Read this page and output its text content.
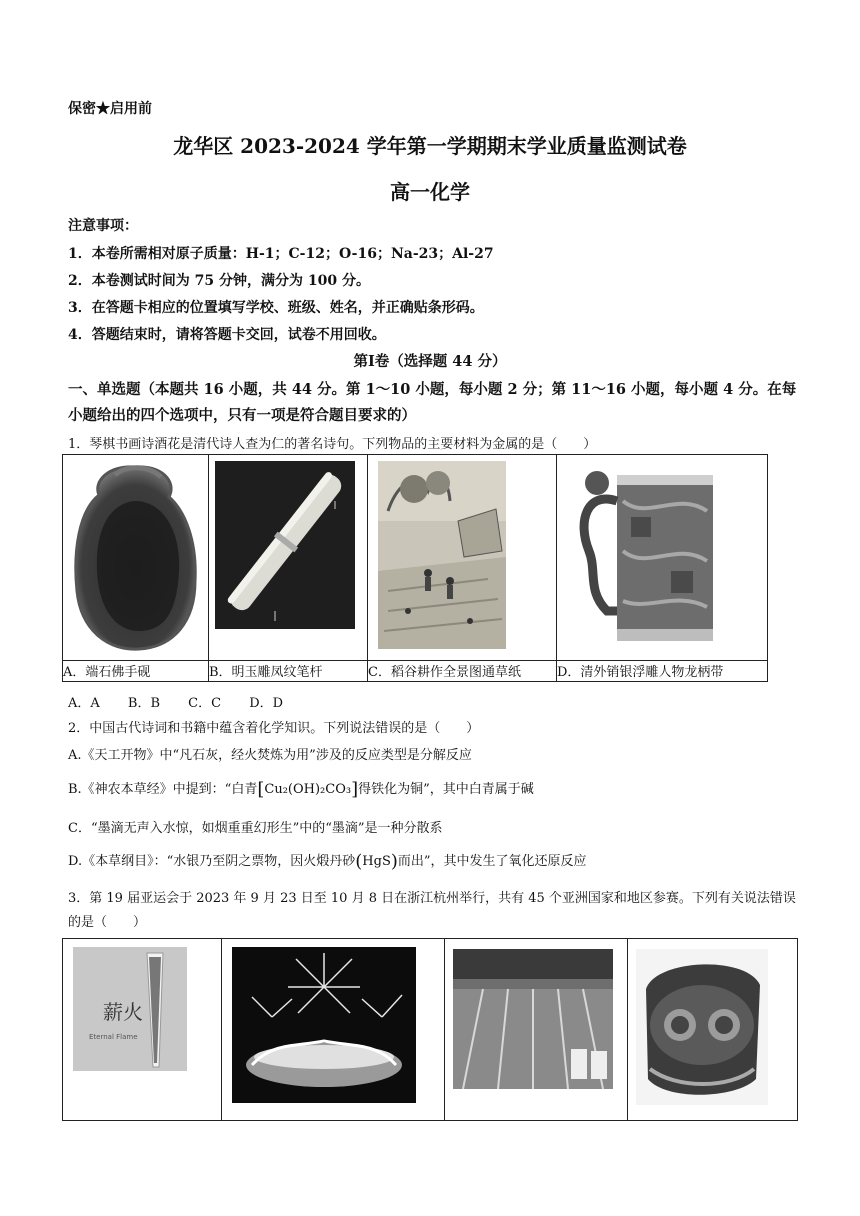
保密★启用前
龙华区 2023-2024 学年第一学期期末学业质量监测试卷
高一化学
注意事项：
1．本卷所需相对原子质量：H-1；C-12；O-16；Na-23；Al-27
2．本卷测试时间为 75 分钟，满分为 100 分。
3．在答题卡相应的位置填写学校、班级、姓名，并正确贴条形码。
4．答题结束时，请将答题卡交回，试卷不用回收。
第Ⅰ卷（选择题 44 分）
一、单选题（本题共 16 小题，共 44 分。第 1～10 小题，每小题 2 分；第 11～16 小题，每小题 4 分。在每小题给出的四个选项中，只有一项是符合题目要求的）
1．琴棋书画诗酒花是清代诗人查为仁的著名诗句。下列物品的主要材料为金属的是（　　）

A．端石佛手砚	B．明玉雕凤纹笔杆	C．稻谷耕作全景图通草纸	D．清外销银浮雕人物龙柄带
A．A B．B C．C D．D
2．中国古代诗词和书籍中蕴含着化学知识。下列说法错误的是（　　）
A.《天工开物》中“凡石灰，经火焚炼为用”涉及的反应类型是分解反应
B.《神农本草经》中提到：“白青[Cu₂(OH)₂CO₃]得铁化为铜”，其中白青属于碱
C．“墨滴无声入水惊，如烟重重幻形生”中的“墨滴”是一种分散系
D.《本草纲目》：“水银乃至阴之票物，因火煅丹砂(HgS)而出”，其中发生了氧化还原反应
3．第 19 届亚运会于 2023 年 9 月 23 日至 10 月 8 日在浙江杭州举行，共有 45 个亚洲国家和地区参赛。下列有关说法错误的是（　　）
薪火
Eternal Flame
